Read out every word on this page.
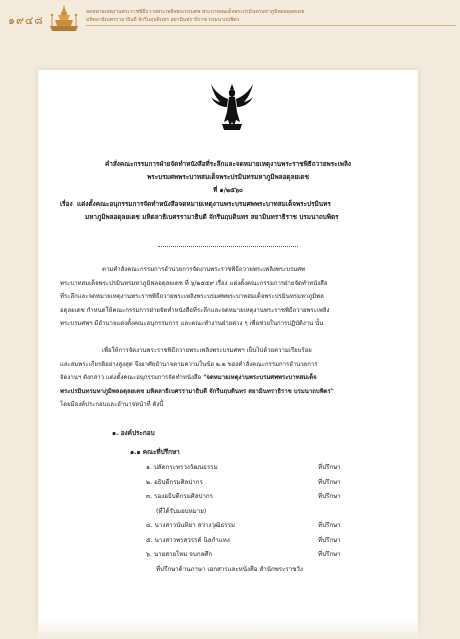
๑๙๔๘
จดหมายเหตุงานพระราชพิธีถวายพระเพลิงพระบรมศพ พระบาทสมเด็จพระปรมินทรมหาภูมิพลอดุลยเดช
มหิตลาธิเบศรรามาธิบดี จักรีนฤบดินทร สยามินทราธิราช บรมนาถบพิตร
คำสั่งคณะกรรมการฝ่ายจัดทำหนังสือที่ระลึกและจดหมายเหตุงานพระราชพิธีถวายพระเพลิง
พระบรมศพพระบาทสมเด็จพระปรมินทรมหาภูมิพลอดุลยเดช
ที่ ๑/๒๕๖๐
เรื่อง แต่งตั้งคณะอนุกรรมการจัดทำหนังสือจดหมายเหตุงานพระบรมศพพระบาทสมเด็จพระปรมินทร
มหาภูมิพลอดุลยเดช มหิตลาธิเบศรรามาธิบดี จักรีนฤบดินทร สยามินทราธิราช บรมนาถบพิตร
ตามคำสั่งคณะกรรมการอำนวยการจัดงานพระราชพิธีถวายพระเพลิงพระบรมศพ
พระบาทสมเด็จพระปรมินทรมหาภูมิพลอดุลยเดช ที่ ๖/๒๕๕๙ เรื่อง แต่งตั้งคณะกรรมการฝ่ายจัดทำหนังสือ
ที่ระลึกและจดหมายเหตุงานพระราชพิธีถวายพระเพลิงพระบรมศพพระบาทสมเด็จพระปรมินทรมหาภูมิพล
อดุลยเดช กำหนดให้คณะกรรมการฝ่ายจัดทำหนังสือที่ระลึกและจดหมายเหตุงานพระราชพิธีถวายพระเพลิง
พระบรมศพฯ มีอำนาจแต่งตั้งคณะอนุกรรมการ และคณะทำงานฝ่ายต่าง ๆ เพื่อช่วยในการปฏิบัติงาน นั้น
เพื่อให้การจัดงานพระราชพิธีถวายพระเพลิงพระบรมศพฯ เป็นไปด้วยความเรียบร้อย
และสมพระเกียรติอย่างสูงสุด จึงอาศัยอำนาจตามความในข้อ ๒.๒ ของคำสั่งคณะกรรมการอำนวยการ
จัดงานฯ ดังกล่าว แต่งตั้งคณะอนุกรรมการจัดทำหนังสือ "จดหมายเหตุงานพระบรมศพพระบาทสมเด็จ
พระปรมินทรมหาภูมิพลอดุลยเดช มหิตลาธิเบศรรามาธิบดี จักรีนฤบดินทร สยามินทราธิราช บรมนาถบพิตร"
โดยมีองค์ประกอบและอำนาจหน้าที่ ดังนี้
๑. องค์ประกอบ
๑.๑ คณะที่ปรึกษา
๑. ปลัดกระทรวงวัฒนธรรม	ที่ปรึกษา
๒. อธิบดีกรมศิลปากร	ที่ปรึกษา
๓. รองอธิบดีกรมศิลปากร	ที่ปรึกษา
(ที่ได้รับมอบหมาย)
๔. นางสาวนันทิยา สว่างวุฒิธรรม	ที่ปรึกษา
๕. นางสาวพรสวรรค์ นิลกำแหง	ที่ปรึกษา
๖. นายสายไหม จบกลศึก	ที่ปรึกษา
ที่ปรึกษาด้านภาษา เอกสารและหนังสือ สำนักพระราชวัง
